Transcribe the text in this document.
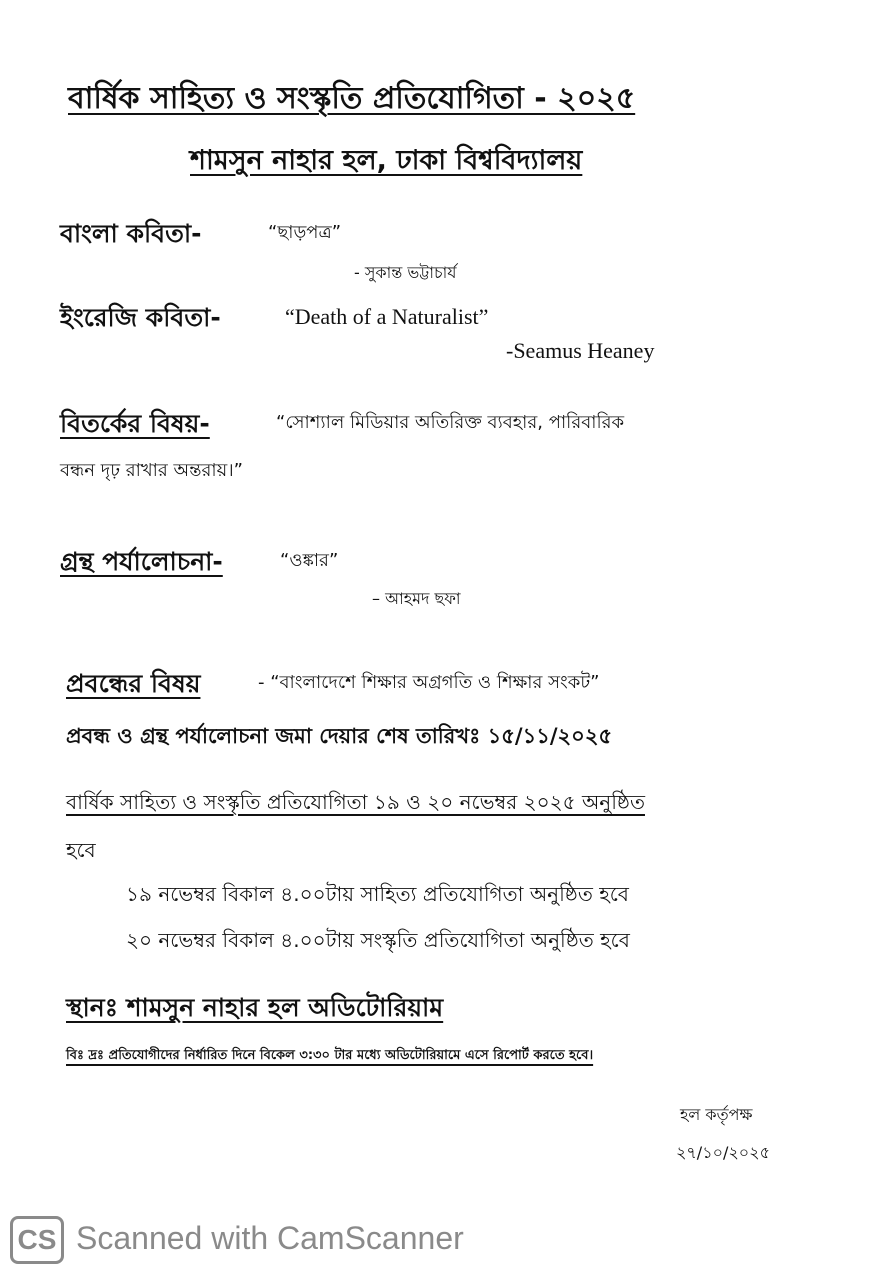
বার্ষিক সাহিত্য ও সংস্কৃতি প্রতিযোগিতা - ২০২৫
শামসুন নাহার হল, ঢাকা বিশ্ববিদ্যালয়
বাংলা কবিতা-	“ছাড়পত্র”
- সুকান্ত ভট্টাচার্য
ইংরেজি কবিতা-	“Death of a Naturalist”
-Seamus Heaney
বিতর্কের বিষয়-	“সোশ্যাল মিডিয়ার অতিরিক্ত ব্যবহার, পারিবারিক
বন্ধন দৃঢ় রাখার অন্তরায়।”
গ্রন্থ পর্যালোচনা-	“ওঙ্কার”
– আহমদ ছফা
প্রবন্ধের বিষয়	- “বাংলাদেশে শিক্ষার অগ্রগতি ও শিক্ষার সংকট”
প্রবন্ধ ও গ্রন্থ পর্যালোচনা জমা দেয়ার শেষ তারিখঃ ১৫/১১/২০২৫
বার্ষিক সাহিত্য ও সংস্কৃতি প্রতিযোগিতা ১৯ ও ২০ নভেম্বর ২০২৫ অনুষ্ঠিত
হবে
১৯ নভেম্বর বিকাল ৪.০০টায় সাহিত্য প্রতিযোগিতা অনুষ্ঠিত হবে
২০ নভেম্বর বিকাল ৪.০০টায় সংস্কৃতি প্রতিযোগিতা অনুষ্ঠিত হবে
স্থানঃ শামসুন নাহার হল অডিটোরিয়াম
বিঃ দ্রঃ প্রতিযোগীদের নির্ধারিত দিনে বিকেল ৩:৩০ টার মধ্যে অডিটোরিয়ামে এসে রিপোর্ট করতে হবে।
হল কর্তৃপক্ষ
২৭/১০/২০২৫
CS Scanned with CamScanner
